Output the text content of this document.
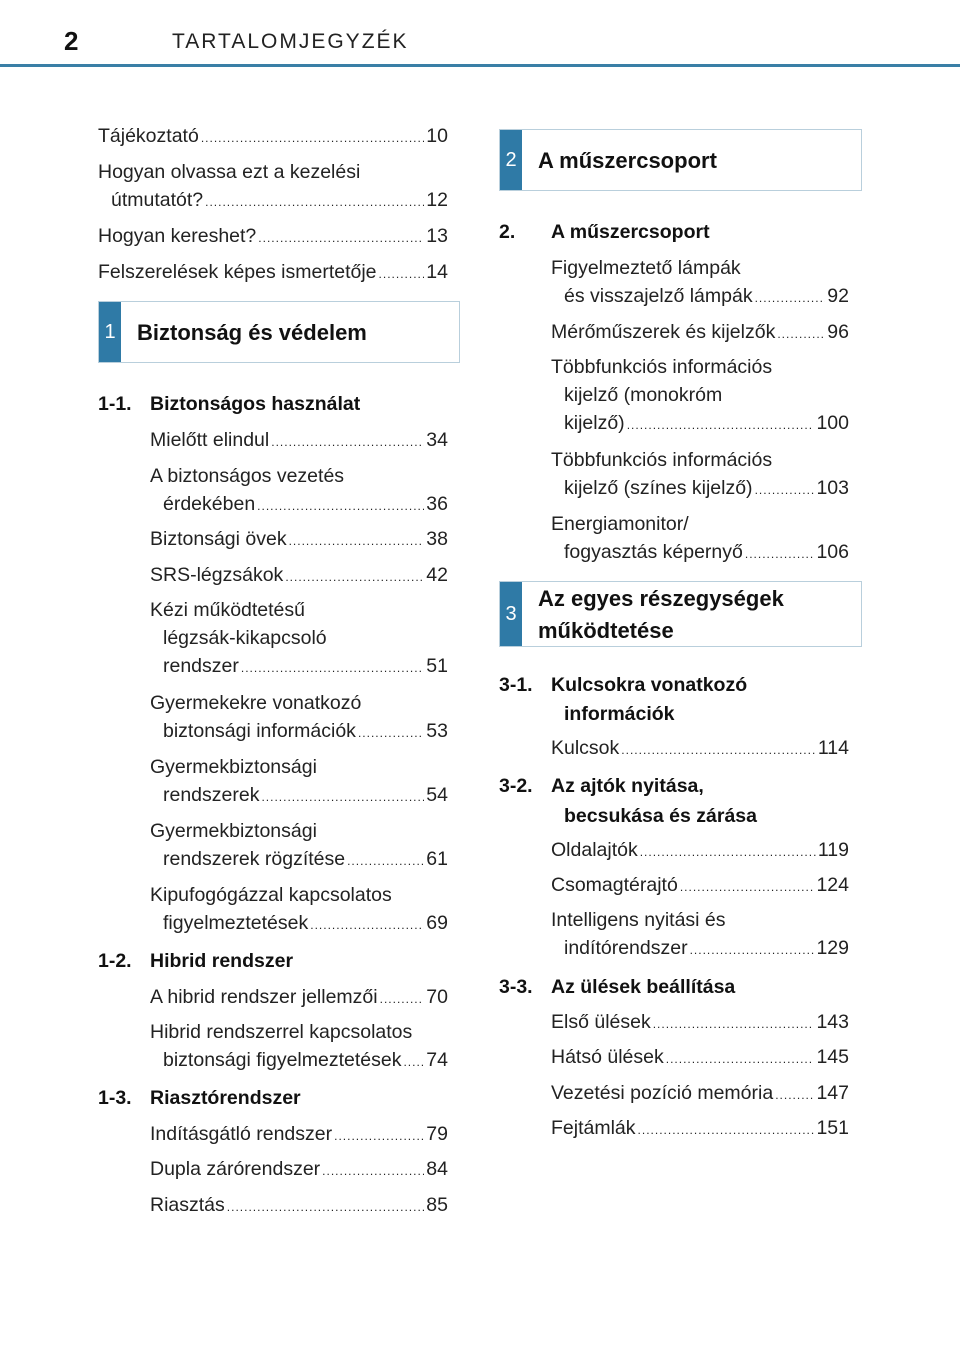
2	TARTALOMJEGYZÉK
Tájékoztató .....	10
Hogyan olvassa ezt a kezelési
útmutatót? .....	12
Hogyan kereshet? .....	13
Felszerelések képes ismertetője .....	14
1 Biztonság és védelem
1-1. Biztonságos használat
Mielőtt elindul .....	34
A biztonságos vezetés
érdekében .....	36
Biztonsági övek .....	38
SRS-légzsákok .....	42
Kézi működtetésű
légzsák-kikapcsoló
rendszer .....	51
Gyermekekre vonatkozó
biztonsági információk .....	53
Gyermekbiztonsági
rendszerek .....	54
Gyermekbiztonsági
rendszerek rögzítése .....	61
Kipufogógázzal kapcsolatos
figyelmeztetések .....	69
1-2. Hibrid rendszer
A hibrid rendszer jellemzői ..... 70
Hibrid rendszerrel kapcsolatos
biztonsági figyelmeztetések ..... 74
1-3. Riasztórendszer
Indításgátló rendszer .....	79
Dupla zárórendszer .....	84
Riasztás .....	85
2 A műszercsoport
2.	A műszercsoport
Figyelmeztető lámpák
és visszajelző lámpák .....	92
Mérőműszerek és kijelzők .....	96
Többfunkciós információs
kijelző (monokróm
kijelző) .....	100
Többfunkciós információs
kijelző (színes kijelző) .....	103
Energiamonitor/
fogyasztás képernyő .....	106
3
Az egyes részegységek
működtetése
3-1. Kulcsokra vonatkozó
információk
Kulcsok .....	114
3-2. Az ajtók nyitása,
becsukása és zárása
Oldalajtók .....	119
Csomagtérajtó .....	124
Intelligens nyitási és
indítórendszer .....	129
3-3. Az ülések beállítása
Első ülések .....	143
Hátsó ülések .....	145
Vezetési pozíció memória ..... 147
Fejtámlák .....	151
